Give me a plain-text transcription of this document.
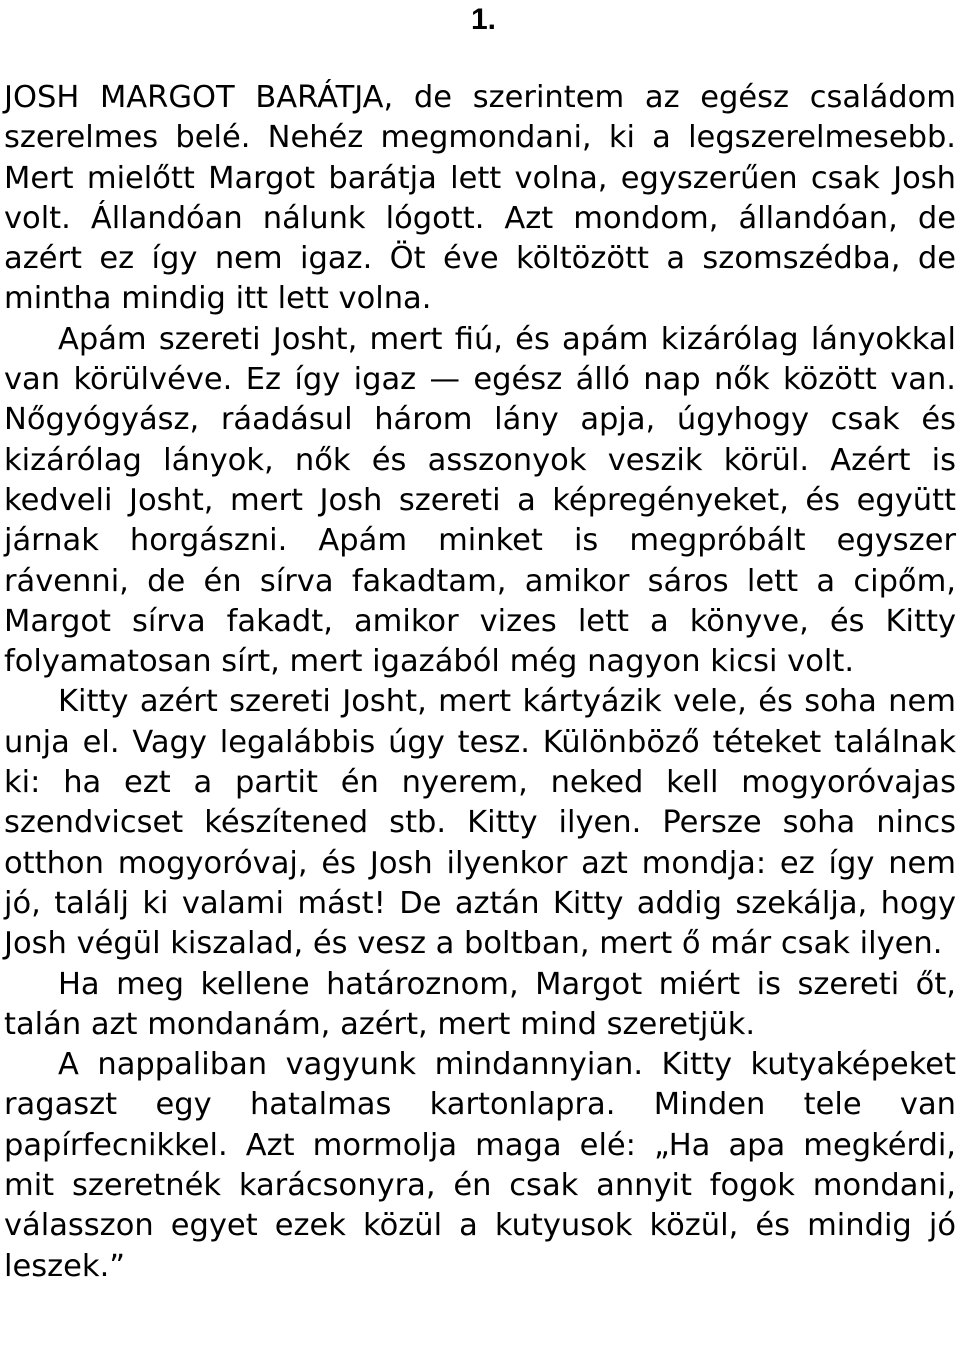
1.

JOSH MARGOT BARÁTJA, de szerintem az egész családom szerelmes belé. Nehéz megmondani, ki a legszerelmesebb. Mert mielőtt Margot barátja lett volna, egyszerűen csak Josh volt. Állandóan nálunk lógott. Azt mondom, állandóan, de azért ez így nem igaz. Öt éve költözött a szomszédba, de mintha mindig itt lett volna.

Apám szereti Josht, mert fiú, és apám kizárólag lányokkal van körülvéve. Ez így igaz — egész álló nap nők között van. Nőgyógyász, ráadásul három lány apja, úgyhogy csak és kizárólag lányok, nők és asszonyok veszik körül. Azért is kedveli Josht, mert Josh szereti a képregényeket, és együtt járnak horgászni. Apám minket is megpróbált egyszer rávenni, de én sírva fakadtam, amikor sáros lett a cipőm, Margot sírva fakadt, amikor vizes lett a könyve, és Kitty folyamatosan sírt, mert igazából még nagyon kicsi volt.

Kitty azért szereti Josht, mert kártyázik vele, és soha nem unja el. Vagy legalábbis úgy tesz. Különböző téteket találnak ki: ha ezt a partit én nyerem, neked kell mogyoróvajas szendvicset készítened stb. Kitty ilyen. Persze soha nincs otthon mogyoróvaj, és Josh ilyenkor azt mondja: ez így nem jó, találj ki valami mást! De aztán Kitty addig szekálja, hogy Josh végül kiszalad, és vesz a boltban, mert ő már csak ilyen.

Ha meg kellene határoznom, Margot miért is szereti őt, talán azt mondanám, azért, mert mind szeretjük.

A nappaliban vagyunk mindannyian. Kitty kutyaképeket ragaszt egy hatalmas kartonlapra. Minden tele van papírfecnikkel. Azt mormolja maga elé: „Ha apa megkérdi, mit szeretnék karácsonyra, én csak annyit fogok mondani, válasszon egyet ezek közül a kutyusok közül, és mindig jó leszek.”
